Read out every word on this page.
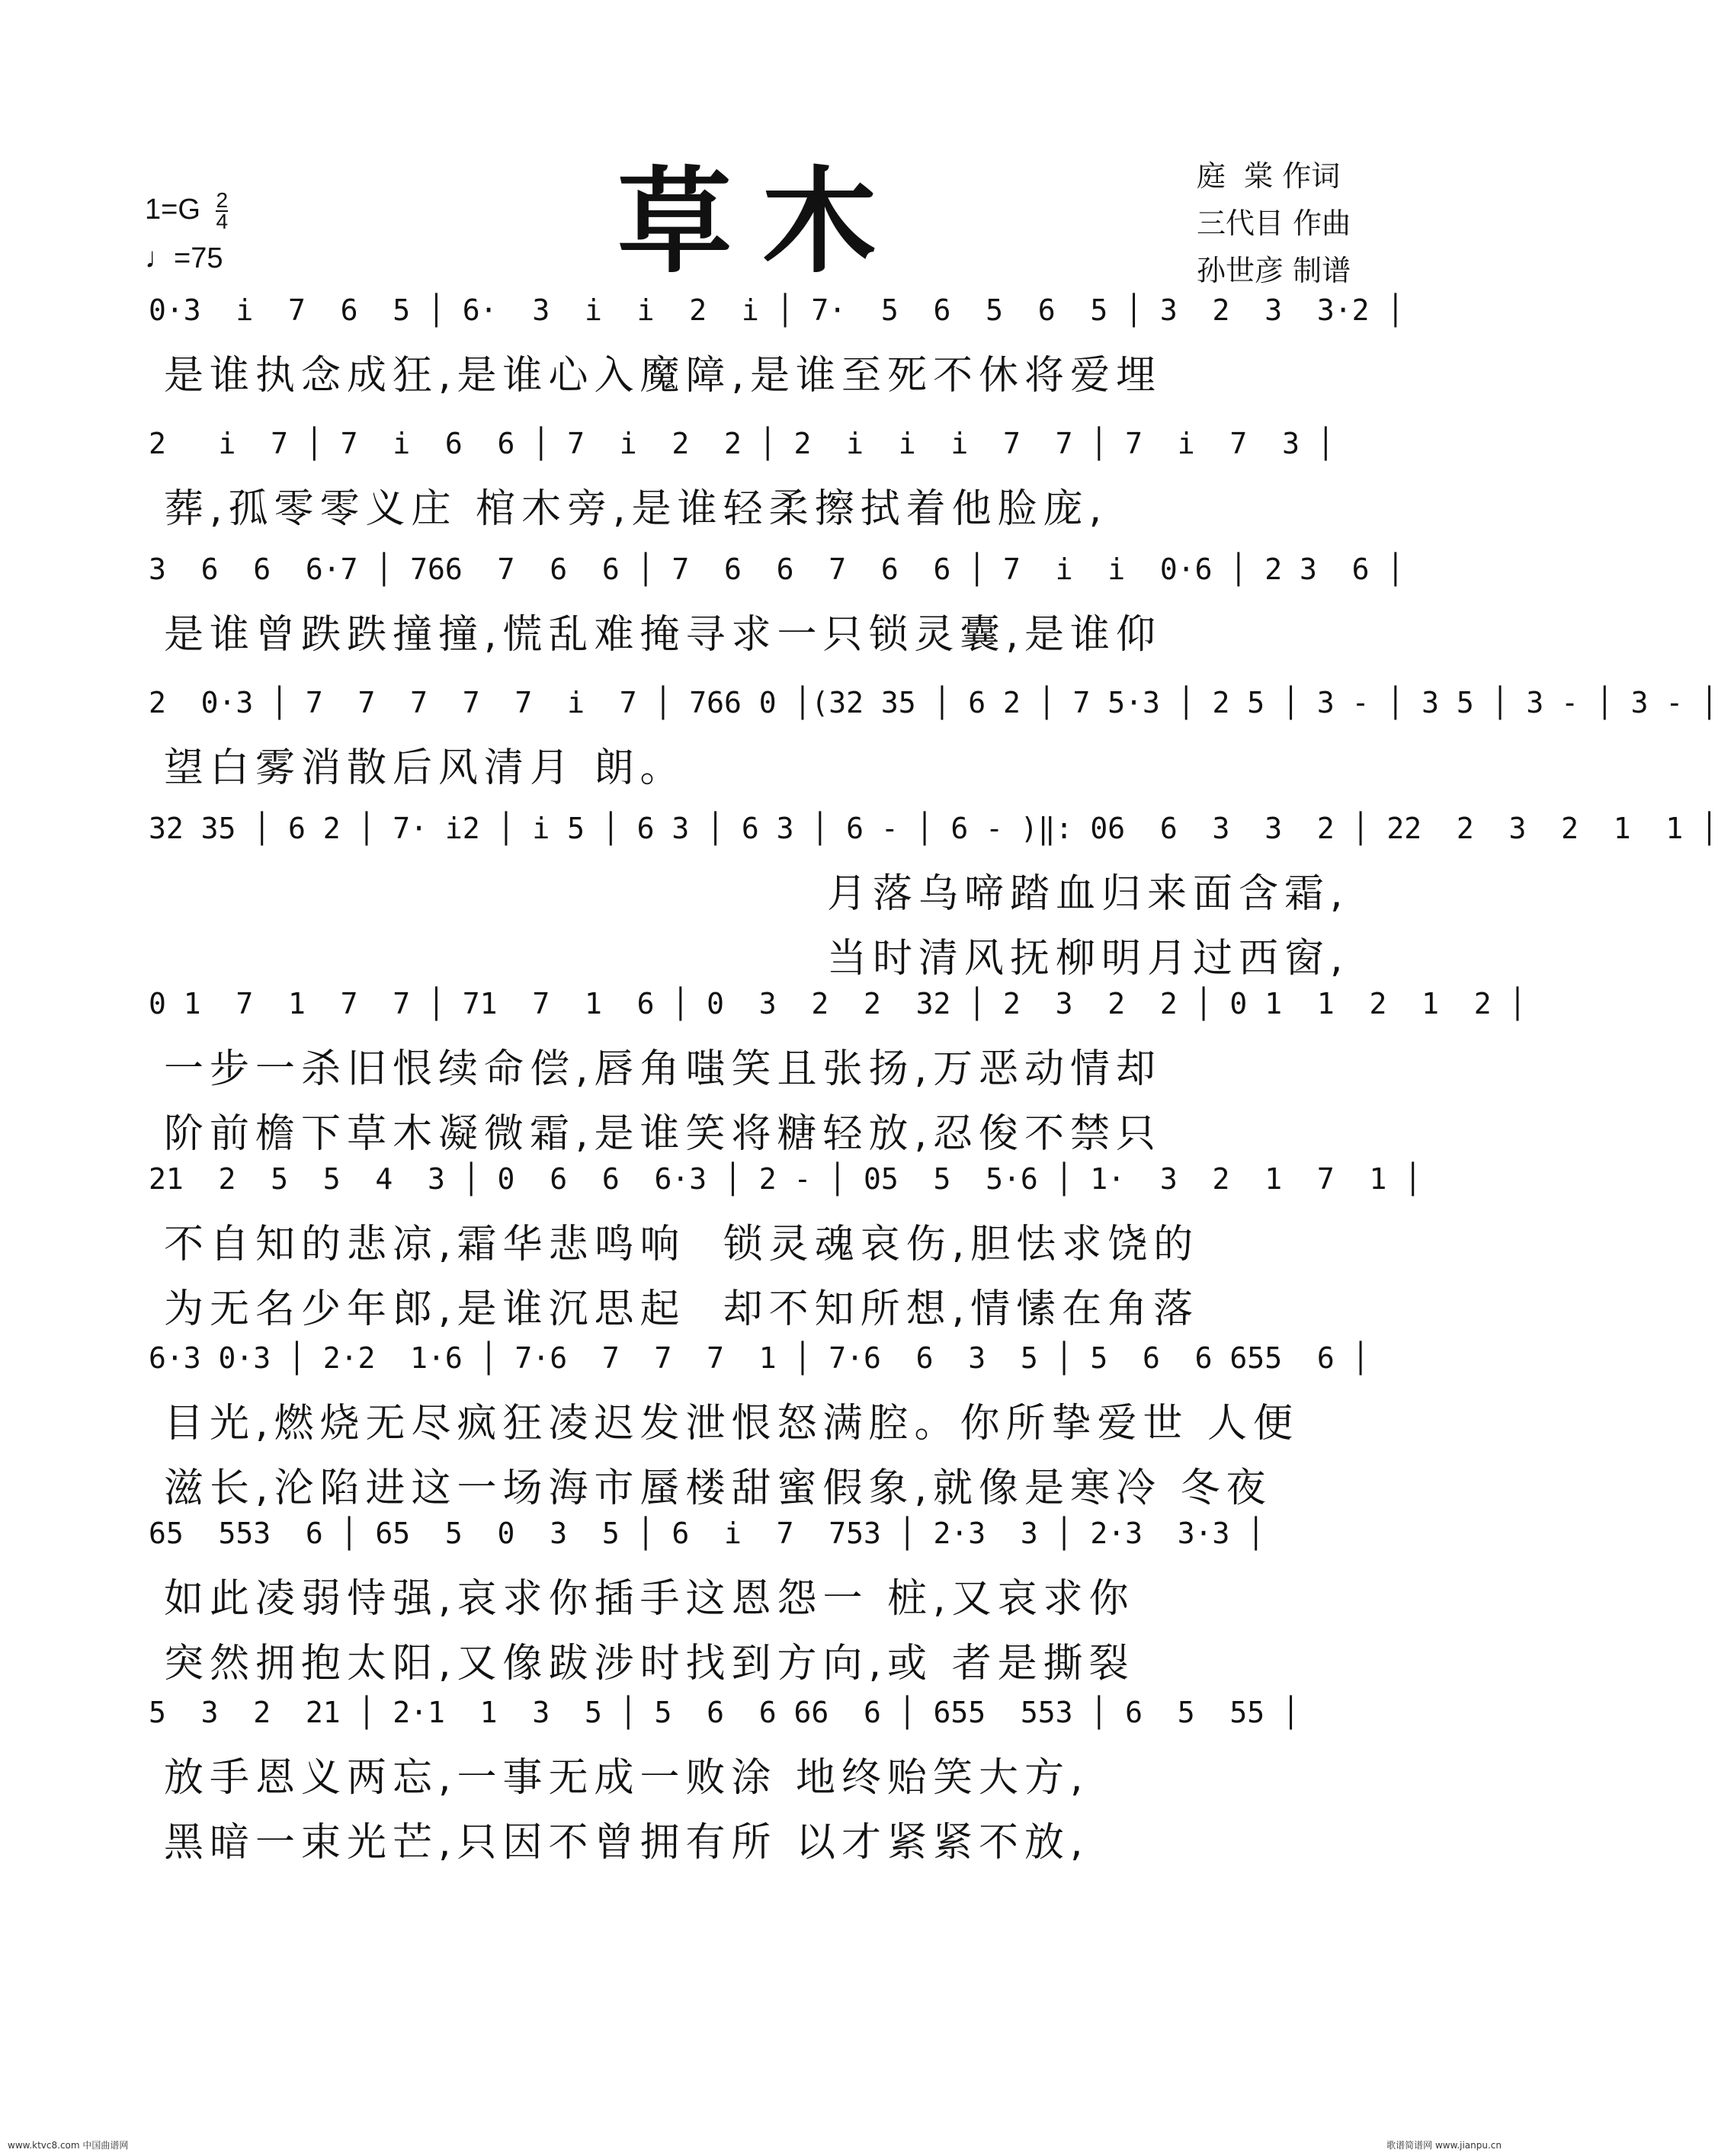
草木
$1=G \frac{2}{4}$
♩=75
庭  棠 作词
三代目 作曲
孙世彦 制谱
0·3  i  7  6  5 │ 6·  3  i  i  2  i │ 7·  5  6  5  6  5 │ 3  2  3  3·2 │
是谁执念成狂,是谁心入魔障,是谁至死不休将爱埋
2   i  7 │ 7  i  6  6 │ 7  i  2  2 │ 2  i  i  i  7  7 │ 7  i  7  3 │
葬,孤零零义庄 棺木旁,是谁轻柔擦拭着他脸庞,
3  6  6  6·7 │ 766  7  6  6 │ 7  6  6  7  6  6 │ 7  i  i  0·6 │ 2 3  6 │
是谁曾跌跌撞撞,慌乱难掩寻求一只锁灵囊,是谁仰
2  0·3 │ 7  7  7  7  7  i  7 │ 766 0 │(32 35 │ 6 2 │ 7 5·3 │ 2 5 │ 3 - │ 3 5 │ 3 - │ 3 - │
望白雾消散后风清月 朗。
32 35 │ 6 2 │ 7· i2 │ i 5 │ 6 3 │ 6 3 │ 6 - │ 6 - )‖: 06  6  3  3  2 │ 22  2  3  2  1  1 │
月落乌啼踏血归来面含霜,
当时清风抚柳明月过西窗,
0 1  7  1  7  7 │ 71  7  1  6 │ 0  3  2  2  32 │ 2  3  2  2 │ 0 1  1  2  1  2 │
一步一杀旧恨续命偿,唇角嗤笑且张扬,万恶动情却
阶前檐下草木凝微霜,是谁笑将糖轻放,忍俊不禁只
21  2  5  5  4  3 │ 0  6  6  6·3 │ 2 - │ 05  5  5·6 │ 1·  3  2  1  7  1 │
不自知的悲凉,霜华悲鸣响  锁灵魂哀伤,胆怯求饶的
为无名少年郎,是谁沉思起  却不知所想,情愫在角落
6·3 0·3 │ 2·2  1·6 │ 7·6  7  7  7  1 │ 7·6  6  3  5 │ 5  6  6 655  6 │
目光,燃烧无尽疯狂凌迟发泄恨怒满腔。你所挚爱世 人便
滋长,沦陷进这一场海市蜃楼甜蜜假象,就像是寒冷 冬夜
65  553  6 │ 65  5  0  3  5 │ 6  i  7  753 │ 2·3  3 │ 2·3  3·3 │
如此凌弱恃强,哀求你插手这恩怨一 桩,又哀求你
突然拥抱太阳,又像跋涉时找到方向,或 者是撕裂
5  3  2  21 │ 2·1  1  3  5 │ 5  6  6 66  6 │ 655  553 │ 6  5  55 │
放手恩义两忘,一事无成一败涂 地终贻笑大方,
黑暗一束光芒,只因不曾拥有所 以才紧紧不放,
www.ktvc8.com 中国曲谱网	歌谱简谱网 www.jianpu.cn
